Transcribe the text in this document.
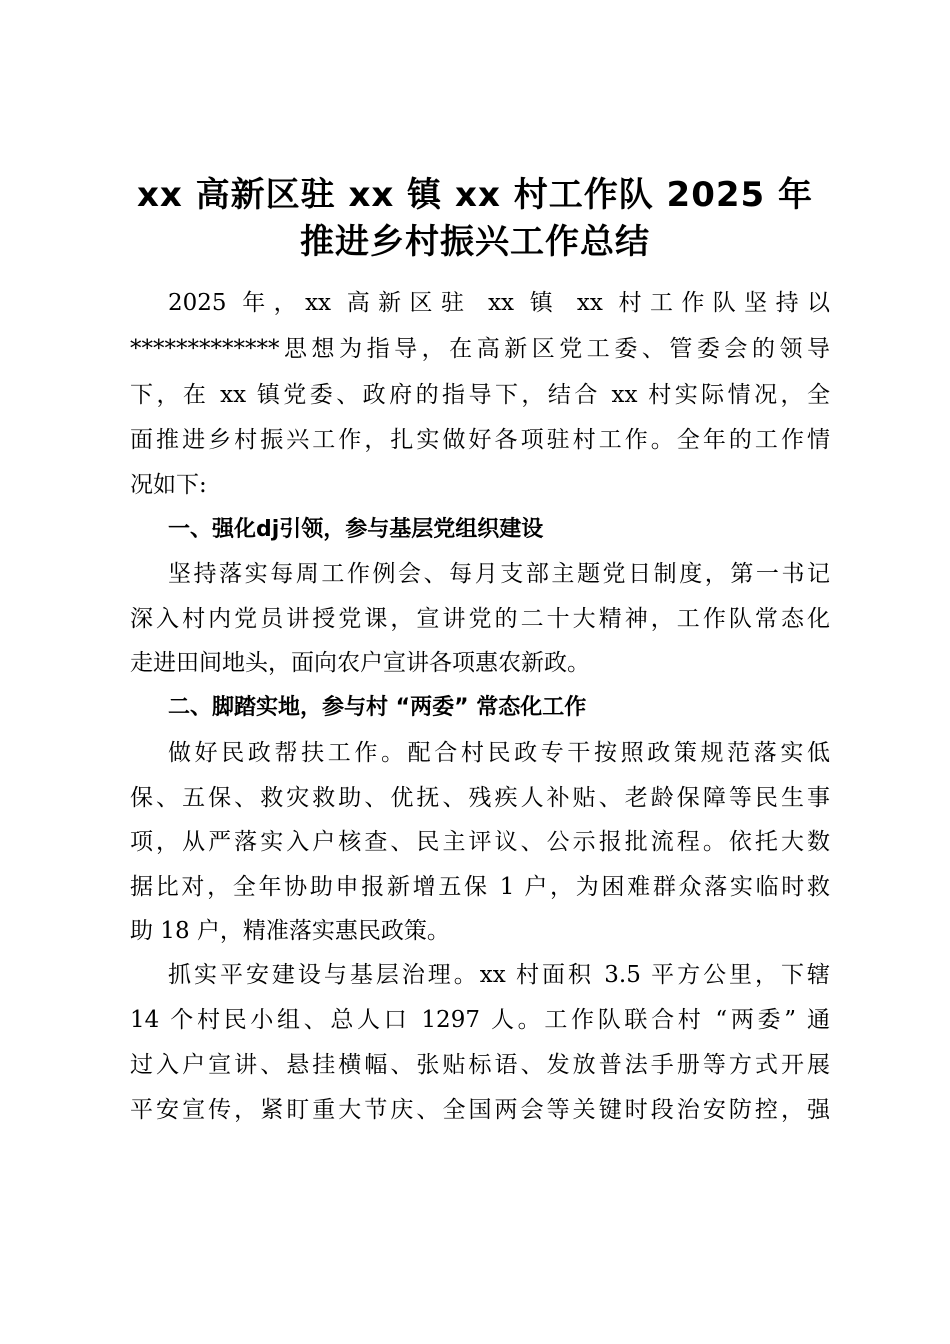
xx 高新区驻 xx 镇 xx 村工作队 2025 年
推进乡村振兴工作总结
2025 年，xx 高新区驻 xx 镇 xx 村工作队坚持以
*************思想为指导，在高新区党工委、管委会的领导
下，在 xx 镇党委、政府的指导下，结合 xx 村实际情况，全
面推进乡村振兴工作，扎实做好各项驻村工作。全年的工作情
况如下:
一、强化dj引领，参与基层党组织建设
坚持落实每周工作例会、每月支部主题党日制度，第一书记
深入村内党员讲授党课，宣讲党的二十大精神，工作队常态化
走进田间地头，面向农户宣讲各项惠农新政。
二、脚踏实地，参与村 “两委” 常态化工作
做好民政帮扶工作。配合村民政专干按照政策规范落实低
保、五保、救灾救助、优抚、残疾人补贴、老龄保障等民生事
项，从严落实入户核查、民主评议、公示报批流程。依托大数
据比对，全年协助申报新增五保 1 户，为困难群众落实临时救
助 18 户，精准落实惠民政策。
抓实平安建设与基层治理。xx 村面积 3.5 平方公里，下辖
14 个村民小组、总人口 1297 人。工作队联合村 “两委” 通
过入户宣讲、悬挂横幅、张贴标语、发放普法手册等方式开展
平安宣传，紧盯重大节庆、全国两会等关键时段治安防控，强
